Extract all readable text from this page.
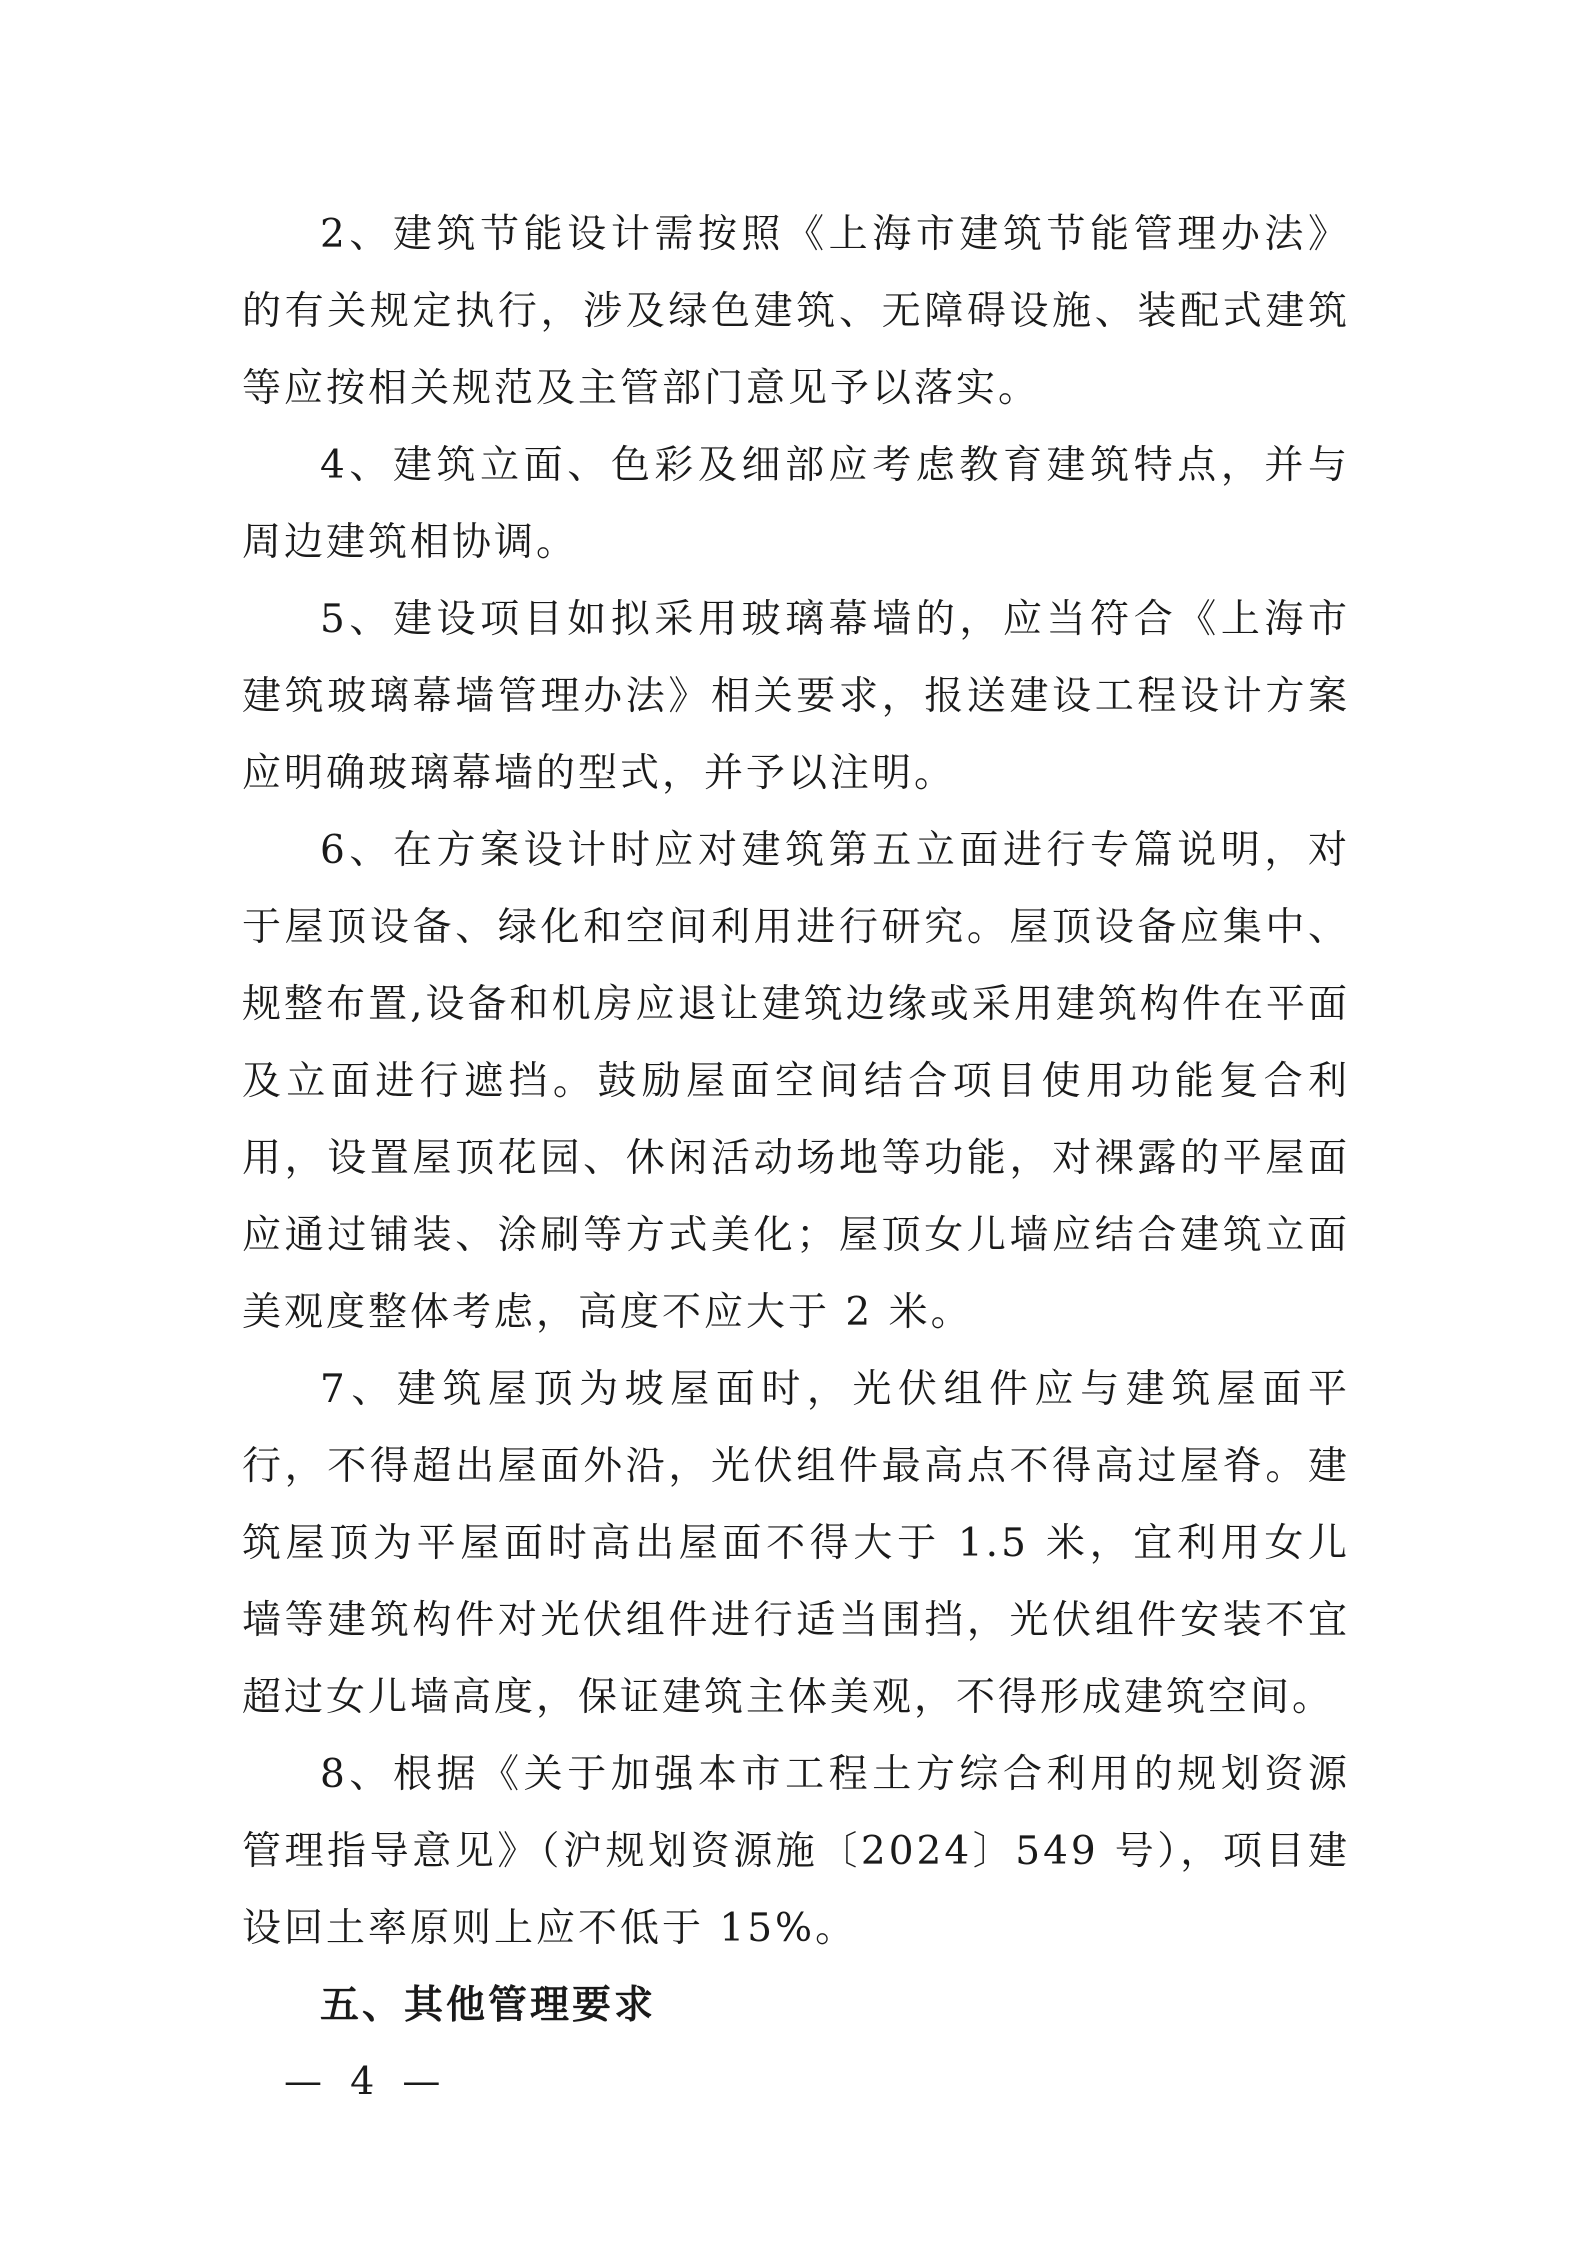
2、建筑节能设计需按照《上海市建筑节能管理办法》的有关规定执行，涉及绿色建筑、无障碍设施、装配式建筑等应按相关规范及主管部门意见予以落实。

4、建筑立面、色彩及细部应考虑教育建筑特点，并与周边建筑相协调。

5、建设项目如拟采用玻璃幕墙的，应当符合《上海市建筑玻璃幕墙管理办法》相关要求，报送建设工程设计方案应明确玻璃幕墙的型式，并予以注明。

6、在方案设计时应对建筑第五立面进行专篇说明，对于屋顶设备、绿化和空间利用进行研究。屋顶设备应集中、规整布置,设备和机房应退让建筑边缘或采用建筑构件在平面及立面进行遮挡。鼓励屋面空间结合项目使用功能复合利用，设置屋顶花园、休闲活动场地等功能，对裸露的平屋面应通过铺装、涂刷等方式美化；屋顶女儿墙应结合建筑立面美观度整体考虑，高度不应大于 2 米。

7、建筑屋顶为坡屋面时，光伏组件应与建筑屋面平行，不得超出屋面外沿，光伏组件最高点不得高过屋脊。建筑屋顶为平屋面时高出屋面不得大于 1.5 米，宜利用女儿墙等建筑构件对光伏组件进行适当围挡，光伏组件安装不宜超过女儿墙高度，保证建筑主体美观，不得形成建筑空间。

8、根据《关于加强本市工程土方综合利用的规划资源管理指导意见》（沪规划资源施〔2024〕549 号），项目建设回土率原则上应不低于 15%。

五、其他管理要求

— 4 —
